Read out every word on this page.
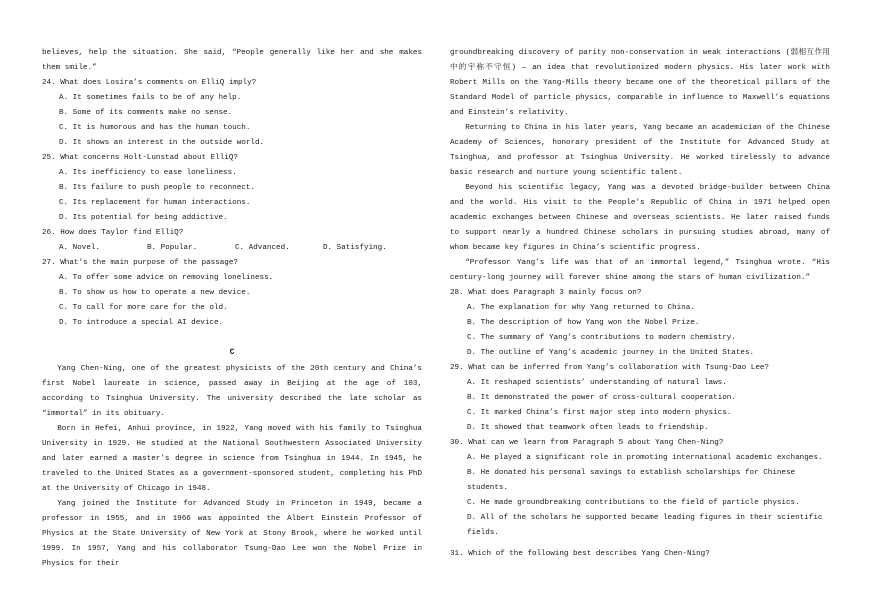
believes, help the situation. She said, “People generally like her and she makes them smile.”

24. What does Losira’s comments on ElliQ imply?

A. It sometimes fails to be of any help.

B. Some of its comments make no sense.

C. It is humorous and has the human touch.

D. It shows an interest in the outside world.

25. What concerns Holt-Lunstad about ElliQ?

A. Its inefficiency to ease loneliness.

B. Its failure to push people to reconnect.

C. Its replacement for human interactions.

D. Its potential for being addictive.

26. How does Taylor find ElliQ?

A. Novel.	B. Popular.	C. Advanced.	D. Satisfying.

27. What’s the main purpose of the passage?

A. To offer some advice on removing loneliness.

B. To show us how to operate a new device.

C. To call for more care for the old.

D. To introduce a special AI device.

C

Yang Chen-Ning, one of the greatest physicists of the 20th century and China’s first Nobel laureate in science, passed away in Beijing at the age of 103, according to Tsinghua University. The university described the late scholar as “immortal” in its obituary.

Born in Hefei, Anhui province, in 1922, Yang moved with his family to Tsinghua University in 1929. He studied at the National Southwestern Associated University and later earned a master’s degree in science from Tsinghua in 1944. In 1945, he traveled to the United States as a government-sponsored student, completing his PhD at the University of Chicago in 1948.

Yang joined the Institute for Advanced Study in Princeton in 1949, became a professor in 1955, and in 1966 was appointed the Albert Einstein Professor of Physics at the State University of New York at Stony Brook, where he worked until 1999. In 1957, Yang and his collaborator Tsung-Dao Lee won the Nobel Prize in Physics for their

groundbreaking discovery of parity non-conservation in weak interactions (弱相互作用中的宇称不守恒) — an idea that revolutionized modern physics. His later work with Robert Mills on the Yang-Mills theory became one of the theoretical pillars of the Standard Model of particle physics, comparable in influence to Maxwell’s equations and Einstein’s relativity.

Returning to China in his later years, Yang became an academician of the Chinese Academy of Sciences, honorary president of the Institute for Advanced Study at Tsinghua, and professor at Tsinghua University. He worked tirelessly to advance basic research and nurture young scientific talent.

Beyond his scientific legacy, Yang was a devoted bridge-builder between China and the world. His visit to the People’s Republic of China in 1971 helped open academic exchanges between Chinese and overseas scientists. He later raised funds to support nearly a hundred Chinese scholars in pursuing studies abroad, many of whom became key figures in China’s scientific progress.

“Professor Yang’s life was that of an immortal legend,” Tsinghua wrote. “His century-long journey will forever shine among the stars of human civilization.”

28. What does Paragraph 3 mainly focus on?

A. The explanation for why Yang returned to China.

B. The description of how Yang won the Nobel Prize.

C. The summary of Yang’s contributions to modern chemistry.

D. The outline of Yang’s academic journey in the United States.

29. What can be inferred from Yang’s collaboration with Tsung-Dao Lee?

A. It reshaped scientists’ understanding of natural laws.

B. It demonstrated the power of cross-cultural cooperation.

C. It marked China’s first major step into modern physics.

D. It showed that teamwork often leads to friendship.

30. What can we learn from Paragraph 5 about Yang Chen-Ning?

A. He played a significant role in promoting international academic exchanges.

B. He donated his personal savings to establish scholarships for Chinese students.

C. He made groundbreaking contributions to the field of particle physics.

D. All of the scholars he supported became leading figures in their scientific fields.

31. Which of the following best describes Yang Chen-Ning?
